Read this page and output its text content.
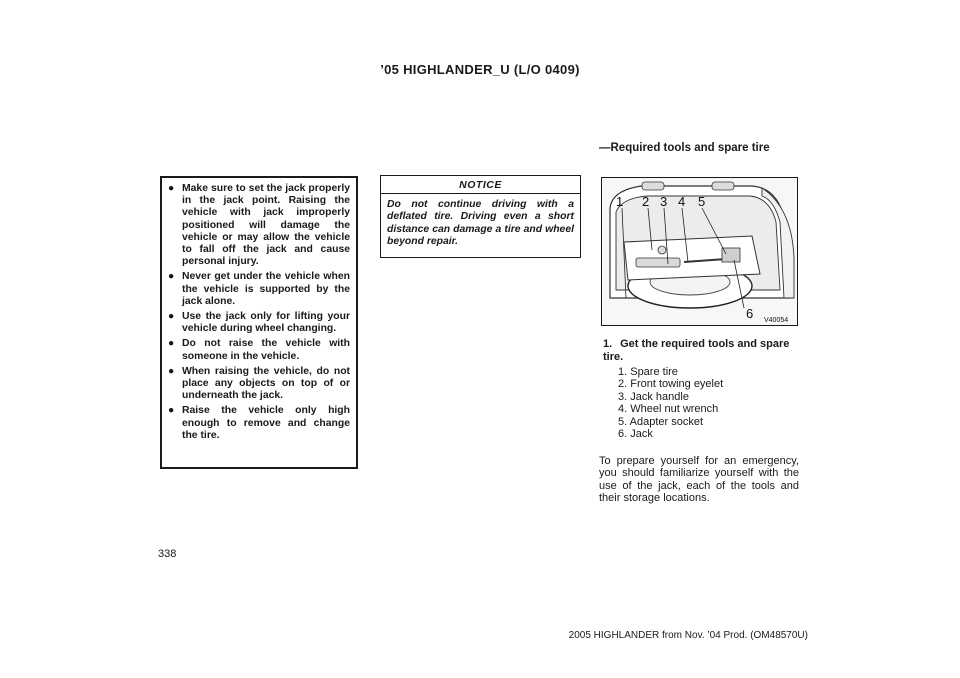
’05 HIGHLANDER_U (L/O 0409)
● Make sure to set the jack properly in the jack point. Raising the vehicle with jack improperly positioned will damage the vehicle or may allow the vehicle to fall off the jack and cause personal injury.
● Never get under the vehicle when the vehicle is supported by the jack alone.
● Use the jack only for lifting your vehicle during wheel changing.
● Do not raise the vehicle with someone in the vehicle.
● When raising the vehicle, do not place any objects on top of or underneath the jack.
● Raise the vehicle only high enough to remove and change the tire.
NOTICE
Do not continue driving with a deflated tire. Driving even a short distance can damage a tire and wheel beyond repair.
—Required tools and spare tire
1 2 3 4 5
6 V40054
1. Get the required tools and spare tire.
1. Spare tire
2. Front towing eyelet
3. Jack handle
4. Wheel nut wrench
5. Adapter socket
6. Jack
To prepare yourself for an emergency, you should familiarize yourself with the use of the jack, each of the tools and their storage locations.
338
2005 HIGHLANDER from Nov. ’04 Prod. (OM48570U)
